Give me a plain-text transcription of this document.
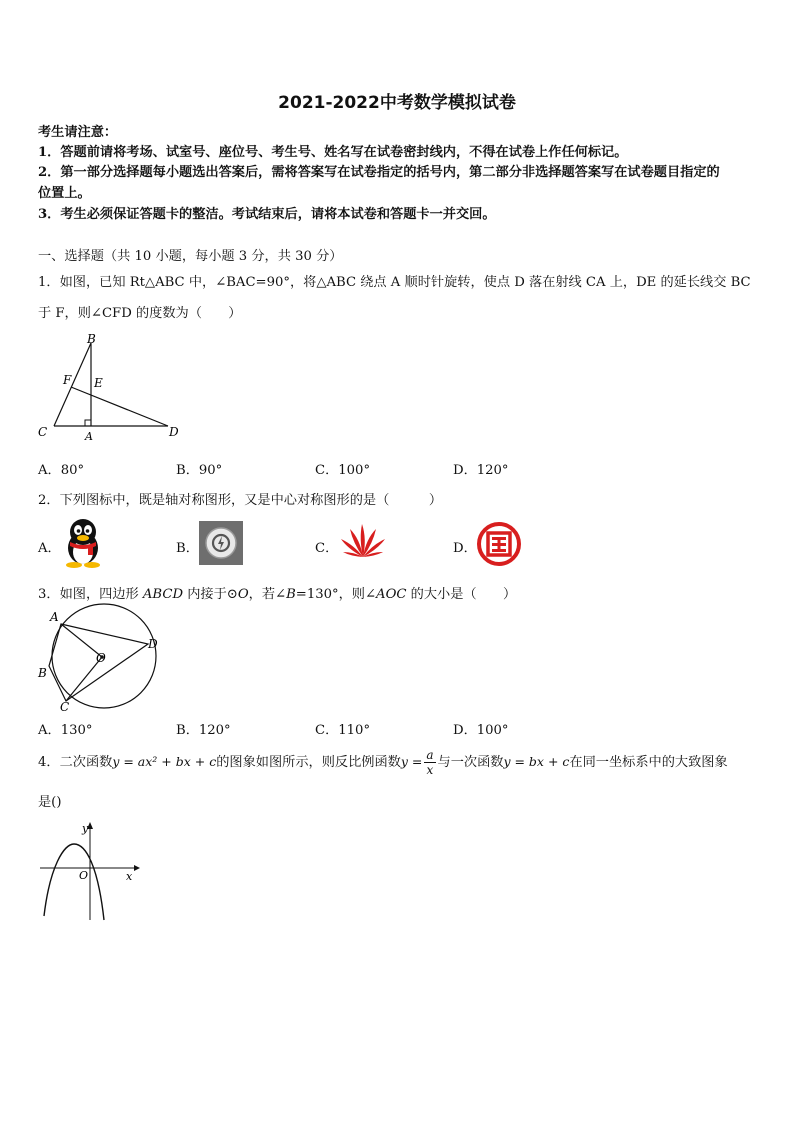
2021-2022中考数学模拟试卷
考生请注意：
1．答题前请将考场、试室号、座位号、考生号、姓名写在试卷密封线内，不得在试卷上作任何标记。
2．第一部分选择题每小题选出答案后，需将答案写在试卷指定的括号内，第二部分非选择题答案写在试卷题目指定的
位置上。
3．考生必须保证答题卡的整洁。考试结束后，请将本试卷和答题卡一并交回。
一、选择题（共 10 小题，每小题 3 分，共 30 分）
1．如图，已知 Rt△ABC 中，∠BAC=90°，将△ABC 绕点 A 顺时针旋转，使点 D 落在射线 CA 上，DE 的延长线交 BC
于 F，则∠CFD 的度数为（　　）
B
F E
C	A	D
A．80°	B．90°	C．100°	D．120°
2．下列图标中，既是轴对称图形，又是中心对称图形的是（　　　）
A．	B．	C．	D．
3．如图，四边形 ABCD 内接于⊙O，若∠B=130°，则∠AOC 的大小是（　　）
A
D
O
B
C
A．130°	B．120°	C．110°	D．100°
4．二次函数y = ax² + bx + c的图象如图所示，则反比例函数$y = \frac{a}{x}$ 与一次函数y = bx + c在同一坐标系中的大致图象
是()
y
x
O
